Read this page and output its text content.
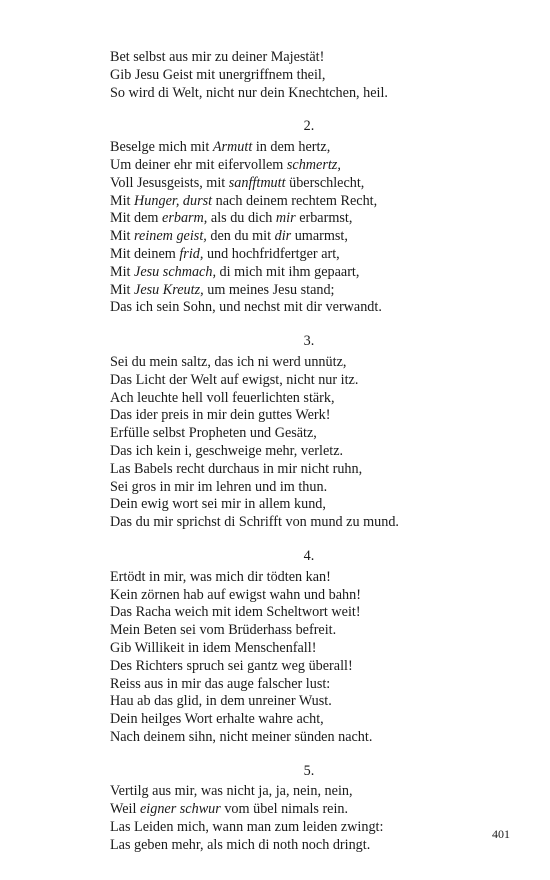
Bet selbst aus mir zu deiner Majestät!
Gib Jesu Geist mit unergriffnem theil,
So wird di Welt, nicht nur dein Knechtchen, heil.
2.
Beselge mich mit Armutt in dem hertz,
Um deiner ehr mit eifervollem schmertz,
Voll Jesusgeists, mit sanfftmutt überschlecht,
Mit Hunger, durst nach deinem rechtem Recht,
Mit dem erbarm, als du dich mir erbarmst,
Mit reinem geist, den du mit dir umarmst,
Mit deinem frid, und hochfridfertger art,
Mit Jesu schmach, di mich mit ihm gepaart,
Mit Jesu Kreutz, um meines Jesu stand;
Das ich sein Sohn, und nechst mit dir verwandt.
3.
Sei du mein saltz, das ich ni werd unnütz,
Das Licht der Welt auf ewigst, nicht nur itz.
Ach leuchte hell voll feuerlichten stärk,
Das ider preis in mir dein guttes Werk!
Erfülle selbst Propheten und Gesätz,
Das ich kein i, geschweige mehr, verletz.
Las Babels recht durchaus in mir nicht ruhn,
Sei gros in mir im lehren und im thun.
Dein ewig wort sei mir in allem kund,
Das du mir sprichst di Schrifft von mund zu mund.
4.
Ertödt in mir, was mich dir tödten kan!
Kein zörnen hab auf ewigst wahn und bahn!
Das Racha weich mit idem Scheltwort weit!
Mein Beten sei vom Brüderhass befreit.
Gib Willikeit in idem Menschenfall!
Des Richters spruch sei gantz weg überall!
Reiss aus in mir das auge falscher lust:
Hau ab das glid, in dem unreiner Wust.
Dein heilges Wort erhalte wahre acht,
Nach deinem sihn, nicht meiner sünden nacht.
5.
Vertilg aus mir, was nicht ja, ja, nein, nein,
Weil eigner schwur vom übel nimals rein.
Las Leiden mich, wann man zum leiden zwingt:
Las geben mehr, als mich di noth noch dringt.
401
